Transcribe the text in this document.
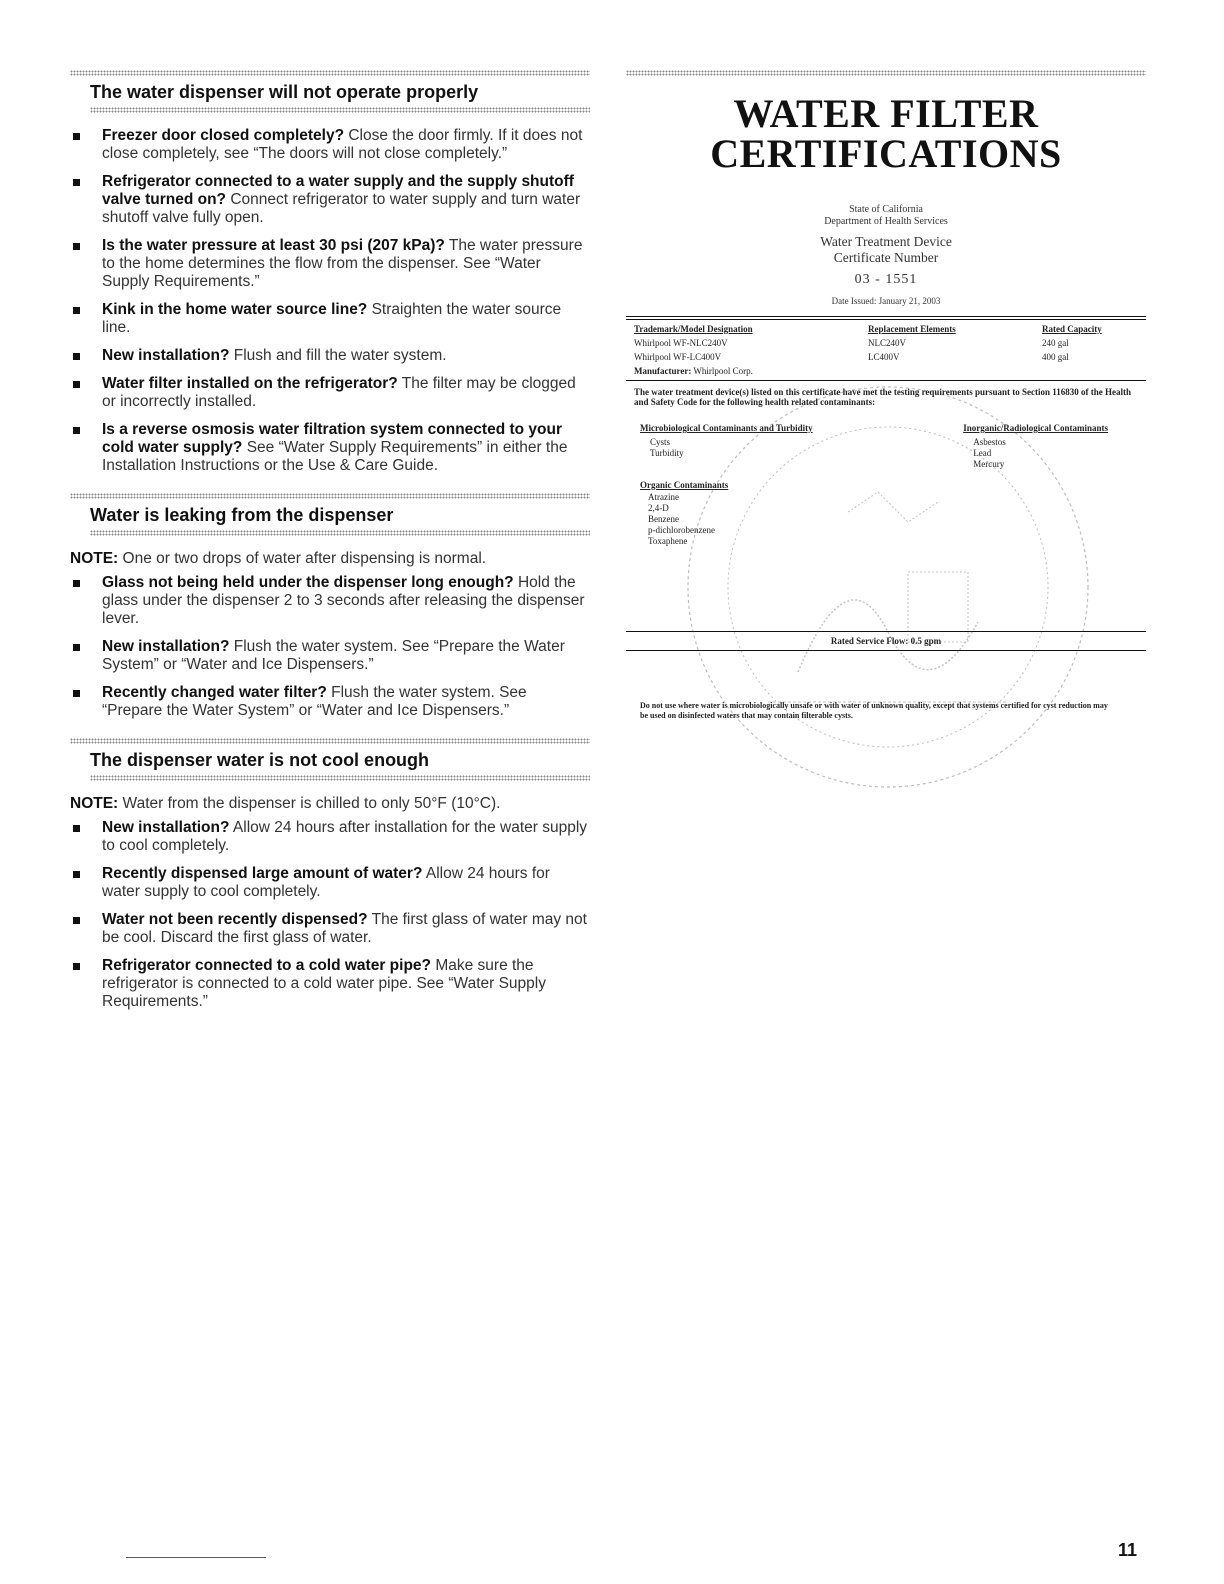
The water dispenser will not operate properly
Freezer door closed completely? Close the door firmly. If it does not close completely, see “The doors will not close completely.”
Refrigerator connected to a water supply and the supply shutoff valve turned on? Connect refrigerator to water supply and turn water shutoff valve fully open.
Is the water pressure at least 30 psi (207 kPa)? The water pressure to the home determines the flow from the dispenser. See “Water Supply Requirements.”
Kink in the home water source line? Straighten the water source line.
New installation? Flush and fill the water system.
Water filter installed on the refrigerator? The filter may be clogged or incorrectly installed.
Is a reverse osmosis water filtration system connected to your cold water supply? See “Water Supply Requirements” in either the Installation Instructions or the Use & Care Guide.
Water is leaking from the dispenser

NOTE: One or two drops of water after dispensing is normal.

Glass not being held under the dispenser long enough? Hold the glass under the dispenser 2 to 3 seconds after releasing the dispenser lever.
New installation? Flush the water system. See “Prepare the Water System” or “Water and Ice Dispensers.”
Recently changed water filter? Flush the water system. See “Prepare the Water System” or “Water and Ice Dispensers.”
The dispenser water is not cool enough

NOTE: Water from the dispenser is chilled to only 50°F (10°C).

New installation? Allow 24 hours after installation for the water supply to cool completely.
Recently dispensed large amount of water? Allow 24 hours for water supply to cool completely.
Water not been recently dispensed? The first glass of water may not be cool. Discard the first glass of water.
Refrigerator connected to a cold water pipe? Make sure the refrigerator is connected to a cold water pipe. See “Water Supply Requirements.”
WATER FILTER
CERTIFICATIONS
State of California
Department of Health Services
Water Treatment Device
Certificate Number
03 - 1551
Date Issued: January 21, 2003
Trademark/Model Designation	Replacement Elements	Rated Capacity
Whirlpool WF-NLC240V	NLC240V	240 gal
Whirlpool WF-LC400V	LC400V	400 gal
Manufacturer: Whirlpool Corp.
The water treatment device(s) listed on this certificate have met the testing requirements pursuant to Section 116830 of the Health and Safety Code for the following health related contaminants:
Microbiological Contaminants and Turbidity
Cysts
Turbidity
Inorganic/Radiological Contaminants
Asbestos
Lead
Mercury
Organic Contaminants
Atrazine
2,4-D
Benzene
p-dichlorobenzene
Toxaphene
Rated Service Flow: 0.5 gpm
Do not use where water is microbiologically unsafe or with water of unknown quality, except that systems certified for cyst reduction may be used on disinfected waters that may contain filterable cysts.
11
